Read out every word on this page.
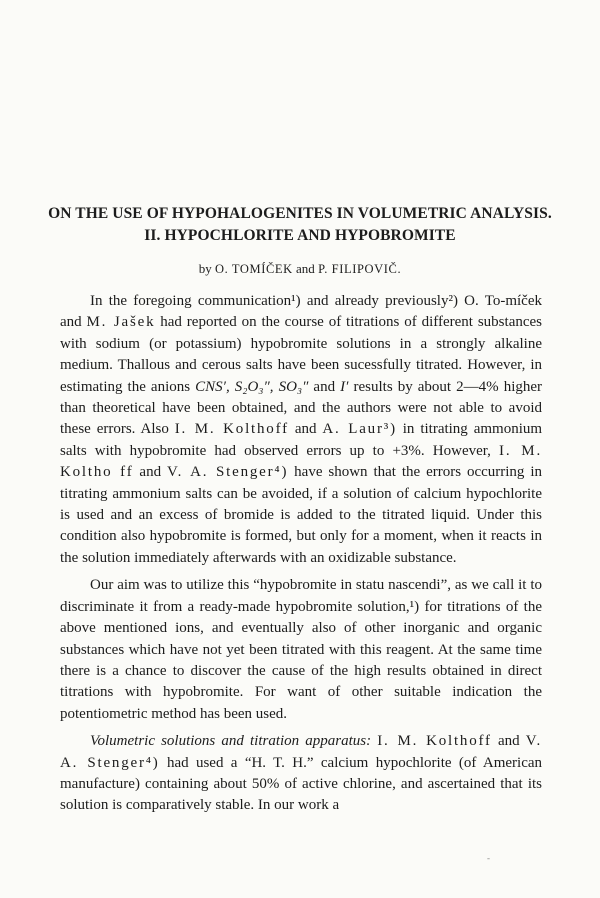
ON THE USE OF HYPOHALOGENITES IN VOLUMETRIC ANALYSIS.
II. HYPOCHLORITE AND HYPOBROMITE
by O. TOMÍČEK and P. FILIPOVIČ.

In the foregoing communication¹) and already previously²) O. To-míček and M. Jašek had reported on the course of titrations of different substances with sodium (or potassium) hypobromite solutions in a strongly alkaline medium. Thallous and cerous salts have been sucessfully titrated. However, in estimating the anions CNS′, S₂O₃″, SO₃″ and I′ results by about 2—4% higher than theoretical have been obtained, and the authors were not able to avoid these errors. Also I. M. Kolthoff and A. Laur³) in titrating ammonium salts with hypobromite had observed errors up to +3%. However, I. M. Koltho ff and V. A. Stenger⁴) have shown that the errors occurring in titrating ammonium salts can be avoided, if a solution of calcium hypochlorite is used and an excess of bromide is added to the titrated liquid. Under this condition also hypobromite is formed, but only for a moment, when it reacts in the solution immediately afterwards with an oxidizable substance.

Our aim was to utilize this “hypobromite in statu nascendi”, as we call it to discriminate it from a ready-made hypobromite solution,¹) for titrations of the above mentioned ions, and eventually also of other inorganic and organic substances which have not yet been titrated with this reagent. At the same time there is a chance to discover the cause of the high results obtained in direct titrations with hypobromite. For want of other suitable indication the potentiometric method has been used.

Volumetric solutions and titration apparatus: I. M. Kolthoff and V. A. Stenger⁴) had used a “H. T. H.” calcium hypochlorite (of American manufacture) containing about 50% of active chlorine, and ascertained that its solution is comparatively stable. In our work a

-
